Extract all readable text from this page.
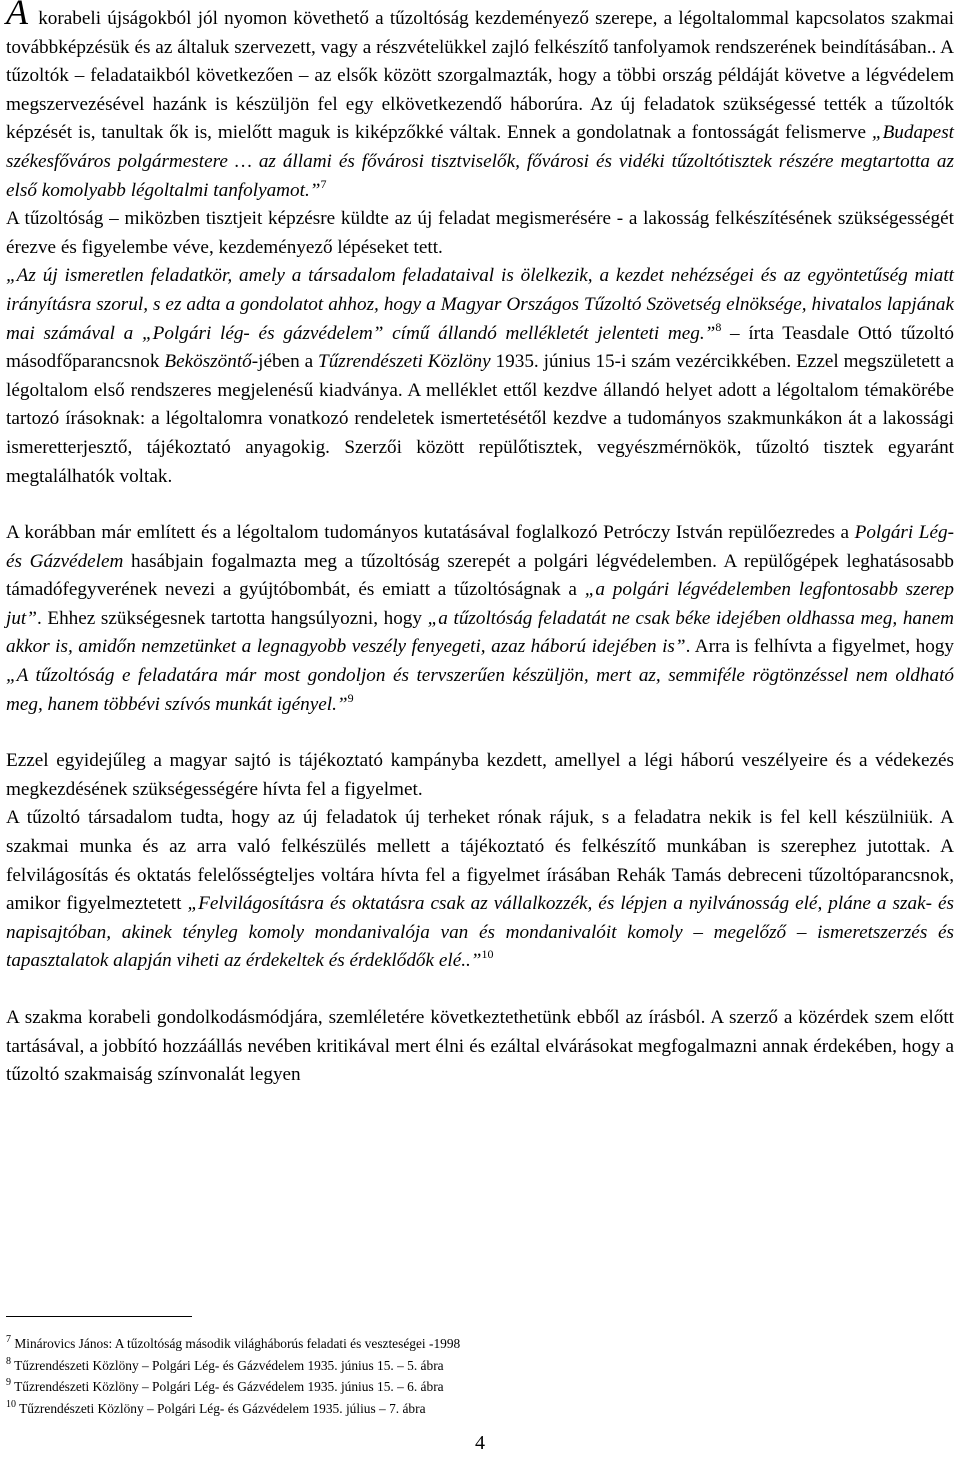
A korabeli újságokból jól nyomon követhető a tűzoltóság kezdeményező szerepe, a légoltalommal kapcsolatos szakmai továbbképzésük és az általuk szervezett, vagy a részvételükkel zajló felkészítő tanfolyamok rendszerének beindításában.. A tűzoltók – feladataikból következően – az elsők között szorgalmazták, hogy a többi ország példáját követve a légvédelem megszervezésével hazánk is készüljön fel egy elkövetkezendő háborúra. Az új feladatok szükségessé tették a tűzoltók képzését is, tanultak ők is, mielőtt maguk is kiképzőkké váltak. Ennek a gondolatnak a fontosságát felismerve „Budapest székesfőváros polgármestere … az állami és fővárosi tisztviselők, fővárosi és vidéki tűzoltótisztek részére megtartotta az első komolyabb légoltalmi tanfolyamot.”$^7$

A tűzoltóság – miközben tisztjeit képzésre küldte az új feladat megismerésére - a lakosság felkészítésének szükségességét érezve és figyelembe véve, kezdeményező lépéseket tett.

„Az új ismeretlen feladatkör, amely a társadalom feladataival is ölelkezik, a kezdet nehézségei és az egyöntetűség miatt irányításra szorul, s ez adta a gondolatot ahhoz, hogy a Magyar Országos Tűzoltó Szövetség elnöksége, hivatalos lapjának mai számával a „Polgári lég- és gázvédelem” című állandó mellékletét jelenteti meg.”$^8$ – írta Teasdale Ottó tűzoltó másodfőparancsnok Beköszöntő-jében a Tűzrendészeti Közlöny 1935. június 15-i szám vezércikkében. Ezzel megszületett a légoltalom első rendszeres megjelenésű kiadványa. A melléklet ettől kezdve állandó helyet adott a légoltalom témakörébe tartozó írásoknak: a légoltalomra vonatkozó rendeletek ismertetésétől kezdve a tudományos szakmunkákon át a lakossági ismeretterjesztő, tájékoztató anyagokig. Szerzői között repülőtisztek, vegyészmérnökök, tűzoltó tisztek egyaránt megtalálhatók voltak.

A korábban már említett és a légoltalom tudományos kutatásával foglalkozó Petróczy István repülőezredes a Polgári Lég- és Gázvédelem hasábjain fogalmazta meg a tűzoltóság szerepét a polgári légvédelemben. A repülőgépek leghatásosabb támadófegyverének nevezi a gyújtóbombát, és emiatt a tűzoltóságnak a „a polgári légvédelemben legfontosabb szerep jut”. Ehhez szükségesnek tartotta hangsúlyozni, hogy „a tűzoltóság feladatát ne csak béke idejében oldhassa meg, hanem akkor is, amidőn nemzetünket a legnagyobb veszély fenyegeti, azaz háború idejében is”. Arra is felhívta a figyelmet, hogy „A tűzoltóság e feladatára már most gondoljon és tervszerűen készüljön, mert az, semmiféle rögtönzéssel nem oldható meg, hanem többévi szívós munkát igényel.”$^9$

Ezzel egyidejűleg a magyar sajtó is tájékoztató kampányba kezdett, amellyel a légi háború veszélyeire és a védekezés megkezdésének szükségességére hívta fel a figyelmet.

A tűzoltó társadalom tudta, hogy az új feladatok új terheket rónak rájuk, s a feladatra nekik is fel kell készülniük. A szakmai munka és az arra való felkészülés mellett a tájékoztató és felkészítő munkában is szerephez jutottak. A felvilágosítás és oktatás felelősségteljes voltára hívta fel a figyelmet írásában Rehák Tamás debreceni tűzoltóparancsnok, amikor figyelmeztetett „Felvilágosításra és oktatásra csak az vállalkozzék, és lépjen a nyilvánosság elé, pláne a szak- és napisajtóban, akinek tényleg komoly mondanivalója van és mondanivalóit komoly – megelőző – ismeretszerzés és tapasztalatok alapján viheti az érdekeltek és érdeklődők elé..”$^{10}$

A szakma korabeli gondolkodásmódjára, szemléletére következtethetünk ebből az írásból. A szerző a közérdek szem előtt tartásával, a jobbító hozzáállás nevében kritikával mert élni és ezáltal elvárásokat megfogalmazni annak érdekében, hogy a tűzoltó szakmaiság színvonalát legyen

$^7$ Minárovics János: A tűzoltóság második világháborús feladati és veszteségei -1998
$^8$ Tűzrendészeti Közlöny – Polgári Lég- és Gázvédelem 1935. június 15. – 5. ábra
$^9$ Tűzrendészeti Közlöny – Polgári Lég- és Gázvédelem 1935. június 15. – 6. ábra
$^{10}$ Tűzrendészeti Közlöny – Polgári Lég- és Gázvédelem 1935. július – 7. ábra
4
